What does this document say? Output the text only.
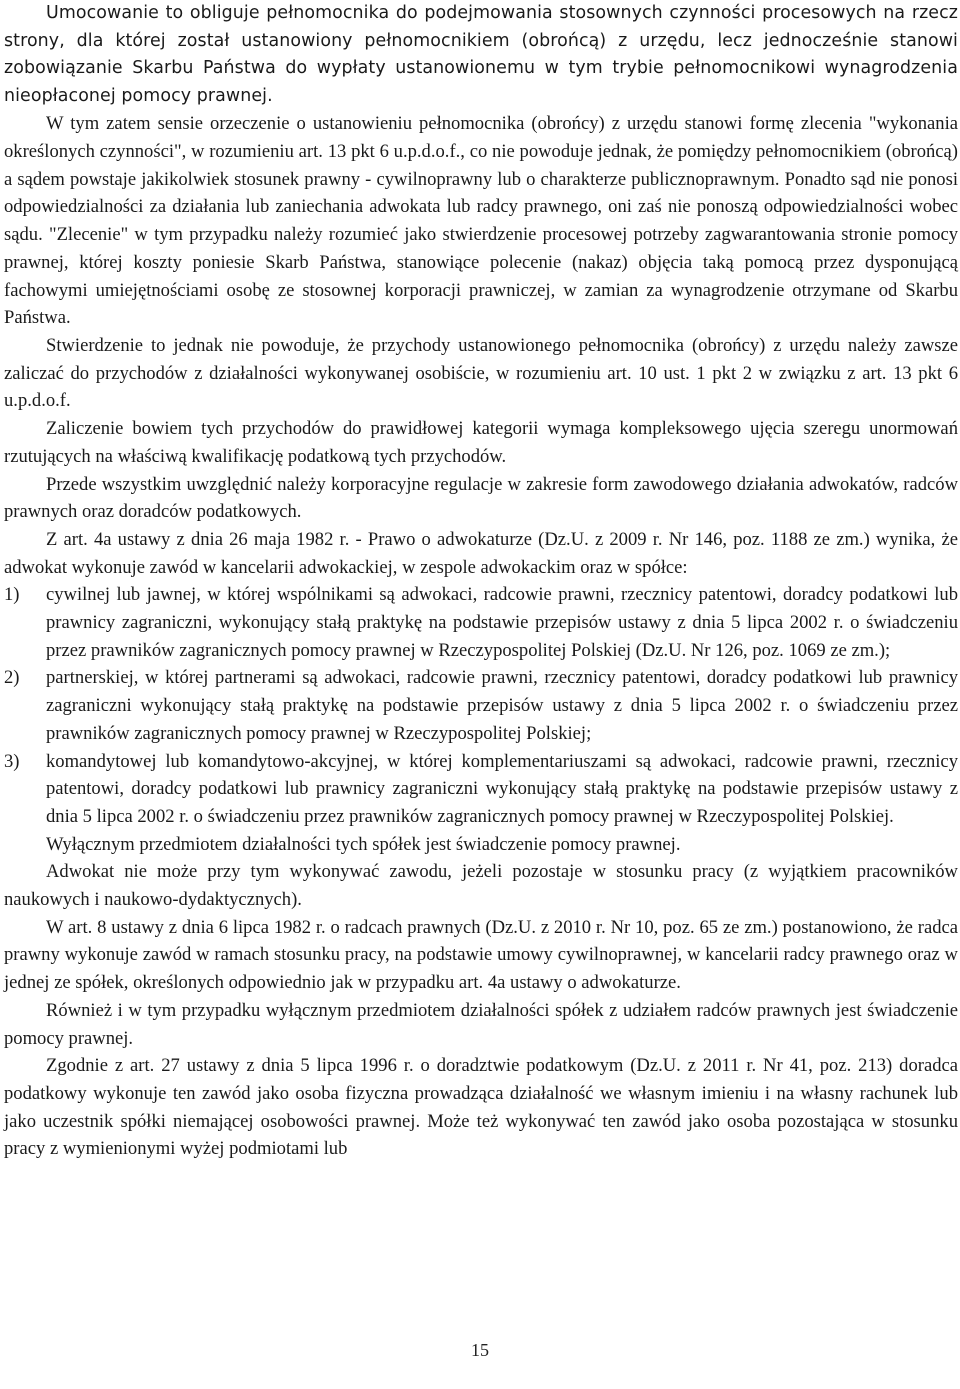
Umocowanie to obliguje pełnomocnika do podejmowania stosownych czynności procesowych na rzecz strony, dla której został ustanowiony pełnomocnikiem (obrońcą) z urzędu, lecz jednocześnie stanowi zobowiązanie Skarbu Państwa do wypłaty ustanowionemu w tym trybie pełnomocnikowi wynagrodzenia nieopłaconej pomocy prawnej.

W tym zatem sensie orzeczenie o ustanowieniu pełnomocnika (obrońcy) z urzędu stanowi formę zlecenia "wykonania określonych czynności", w rozumieniu art. 13 pkt 6 u.p.d.o.f., co nie powoduje jednak, że pomiędzy pełnomocnikiem (obrońcą) a sądem powstaje jakikolwiek stosunek prawny - cywilnoprawny lub o charakterze publicznoprawnym. Ponadto sąd nie ponosi odpowiedzialności za działania lub zaniechania adwokata lub radcy prawnego, oni zaś nie ponoszą odpowiedzialności wobec sądu. "Zlecenie" w tym przypadku należy rozumieć jako stwierdzenie procesowej potrzeby zagwarantowania stronie pomocy prawnej, której koszty poniesie Skarb Państwa, stanowiące polecenie (nakaz) objęcia taką pomocą przez dysponującą fachowymi umiejętnościami osobę ze stosownej korporacji prawniczej, w zamian za wynagrodzenie otrzymane od Skarbu Państwa.

Stwierdzenie to jednak nie powoduje, że przychody ustanowionego pełnomocnika (obrońcy) z urzędu należy zawsze zaliczać do przychodów z działalności wykonywanej osobiście, w rozumieniu art. 10 ust. 1 pkt 2 w związku z art. 13 pkt 6 u.p.d.o.f.

Zaliczenie bowiem tych przychodów do prawidłowej kategorii wymaga kompleksowego ujęcia szeregu unormowań rzutujących na właściwą kwalifikację podatkową tych przychodów.

Przede wszystkim uwzględnić należy korporacyjne regulacje w zakresie form zawodowego działania adwokatów, radców prawnych oraz doradców podatkowych.

Z art. 4a ustawy z dnia 26 maja 1982 r. - Prawo o adwokaturze (Dz.U. z 2009 r. Nr 146, poz. 1188 ze zm.) wynika, że adwokat wykonuje zawód w kancelarii adwokackiej, w zespole adwokackim oraz w spółce:

1) cywilnej lub jawnej, w której wspólnikami są adwokaci, radcowie prawni, rzecznicy patentowi, doradcy podatkowi lub prawnicy zagraniczni, wykonujący stałą praktykę na podstawie przepisów ustawy z dnia 5 lipca 2002 r. o świadczeniu przez prawników zagranicznych pomocy prawnej w Rzeczypospolitej Polskiej (Dz.U. Nr 126, poz. 1069 ze zm.);
2) partnerskiej, w której partnerami są adwokaci, radcowie prawni, rzecznicy patentowi, doradcy podatkowi lub prawnicy zagraniczni wykonujący stałą praktykę na podstawie przepisów ustawy z dnia 5 lipca 2002 r. o świadczeniu przez prawników zagranicznych pomocy prawnej w Rzeczypospolitej Polskiej;
3) komandytowej lub komandytowo-akcyjnej, w której komplementariuszami są adwokaci, radcowie prawni, rzecznicy patentowi, doradcy podatkowi lub prawnicy zagraniczni wykonujący stałą praktykę na podstawie przepisów ustawy z dnia 5 lipca 2002 r. o świadczeniu przez prawników zagranicznych pomocy prawnej w Rzeczypospolitej Polskiej.

Wyłącznym przedmiotem działalności tych spółek jest świadczenie pomocy prawnej.

Adwokat nie może przy tym wykonywać zawodu, jeżeli pozostaje w stosunku pracy (z wyjątkiem pracowników naukowych i naukowo-dydaktycznych).

W art. 8 ustawy z dnia 6 lipca 1982 r. o radcach prawnych (Dz.U. z 2010 r. Nr 10, poz. 65 ze zm.) postanowiono, że radca prawny wykonuje zawód w ramach stosunku pracy, na podstawie umowy cywilnoprawnej, w kancelarii radcy prawnego oraz w jednej ze spółek, określonych odpowiednio jak w przypadku art. 4a ustawy o adwokaturze.

Również i w tym przypadku wyłącznym przedmiotem działalności spółek z udziałem radców prawnych jest świadczenie pomocy prawnej.

Zgodnie z art. 27 ustawy z dnia 5 lipca 1996 r. o doradztwie podatkowym (Dz.U. z 2011 r. Nr 41, poz. 213) doradca podatkowy wykonuje ten zawód jako osoba fizyczna prowadząca działalność we własnym imieniu i na własny rachunek lub jako uczestnik spółki niemającej osobowości prawnej. Może też wykonywać ten zawód jako osoba pozostająca w stosunku pracy z wymienionymi wyżej podmiotami lub

15
